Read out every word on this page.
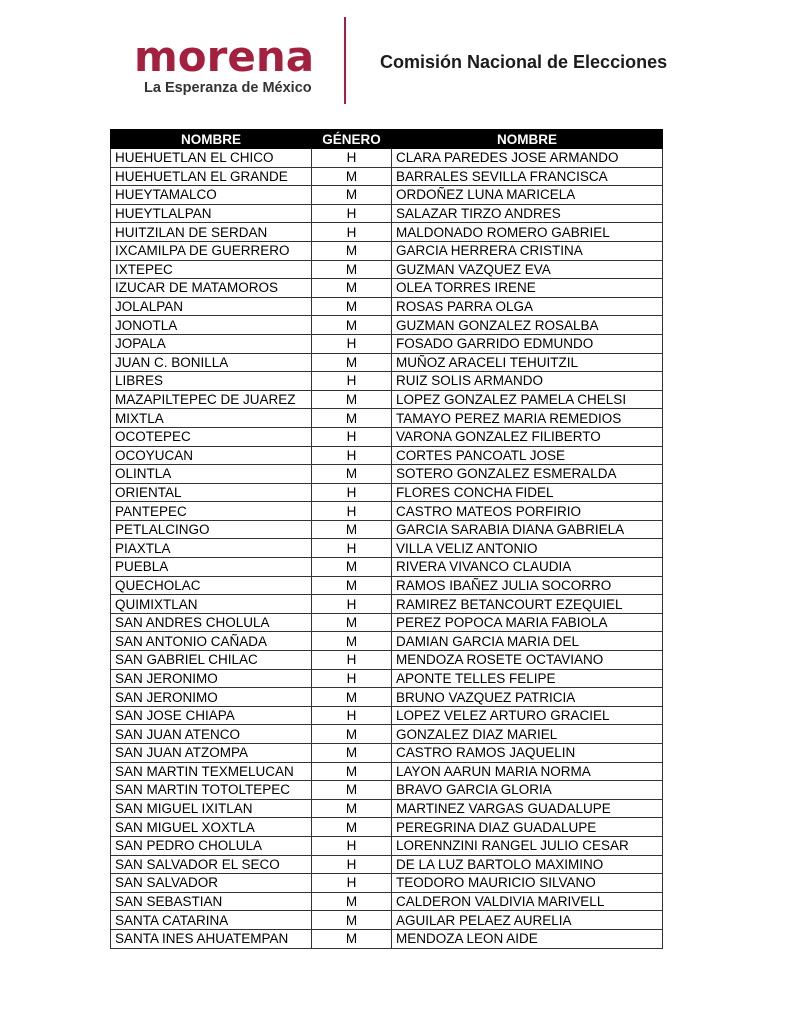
morena
La Esperanza de México
Comisión Nacional de Elecciones
NOMBRE	GÉNERO	NOMBRE
HUEHUETLAN EL CHICO	H	CLARA PAREDES JOSE ARMANDO
HUEHUETLAN EL GRANDE	M	BARRALES SEVILLA FRANCISCA
HUEYTAMALCO	M	ORDOÑEZ LUNA MARICELA
HUEYTLALPAN	H	SALAZAR TIRZO ANDRES
HUITZILAN DE SERDAN	H	MALDONADO ROMERO GABRIEL
IXCAMILPA DE GUERRERO	M	GARCIA HERRERA CRISTINA
IXTEPEC	M	GUZMAN VAZQUEZ EVA
IZUCAR DE MATAMOROS	M	OLEA TORRES IRENE
JOLALPAN	M	ROSAS PARRA OLGA
JONOTLA	M	GUZMAN GONZALEZ ROSALBA
JOPALA	H	FOSADO GARRIDO EDMUNDO
JUAN C. BONILLA	M	MUÑOZ ARACELI TEHUITZIL
LIBRES	H	RUIZ SOLIS ARMANDO
MAZAPILTEPEC DE JUAREZ	M	LOPEZ GONZALEZ PAMELA CHELSI
MIXTLA	M	TAMAYO PEREZ MARIA REMEDIOS
OCOTEPEC	H	VARONA GONZALEZ FILIBERTO
OCOYUCAN	H	CORTES PANCOATL JOSE
OLINTLA	M	SOTERO GONZALEZ ESMERALDA
ORIENTAL	H	FLORES CONCHA FIDEL
PANTEPEC	H	CASTRO MATEOS PORFIRIO
PETLALCINGO	M	GARCIA SARABIA DIANA GABRIELA
PIAXTLA	H	VILLA VELIZ ANTONIO
PUEBLA	M	RIVERA VIVANCO CLAUDIA
QUECHOLAC	M	RAMOS IBAÑEZ JULIA SOCORRO
QUIMIXTLAN	H	RAMIREZ BETANCOURT EZEQUIEL
SAN ANDRES CHOLULA	M	PEREZ POPOCA MARIA FABIOLA
SAN ANTONIO CAÑADA	M	DAMIAN GARCIA MARIA DEL
SAN GABRIEL CHILAC	H	MENDOZA ROSETE OCTAVIANO
SAN JERONIMO	H	APONTE TELLES FELIPE
SAN JERONIMO	M	BRUNO VAZQUEZ PATRICIA
SAN JOSE CHIAPA	H	LOPEZ VELEZ ARTURO GRACIEL
SAN JUAN ATENCO	M	GONZALEZ DIAZ MARIEL
SAN JUAN ATZOMPA	M	CASTRO RAMOS JAQUELIN
SAN MARTIN TEXMELUCAN	M	LAYON AARUN MARIA NORMA
SAN MARTIN TOTOLTEPEC	M	BRAVO GARCIA GLORIA
SAN MIGUEL IXITLAN	M	MARTINEZ VARGAS GUADALUPE
SAN MIGUEL XOXTLA	M	PEREGRINA DIAZ GUADALUPE
SAN PEDRO CHOLULA	H	LORENNZINI RANGEL JULIO CESAR
SAN SALVADOR EL SECO	H	DE LA LUZ BARTOLO MAXIMINO
SAN SALVADOR	H	TEODORO MAURICIO SILVANO
SAN SEBASTIAN	M	CALDERON VALDIVIA MARIVELL
SANTA CATARINA	M	AGUILAR PELAEZ AURELIA
SANTA INES AHUATEMPAN	M	MENDOZA LEON AIDE
